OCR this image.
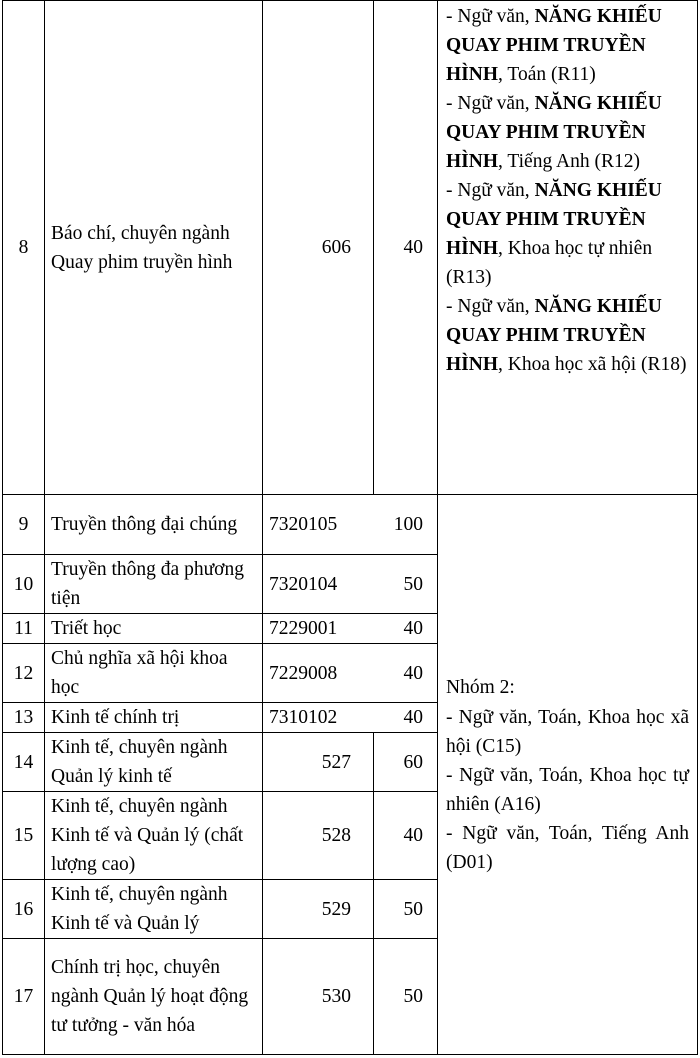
8	Báo chí, chuyên ngành Quay phim truyền hình	606	40	- Ngữ văn, NĂNG KHIẾU QUAY PHIM TRUYỀN HÌNH, Toán (R11)
- Ngữ văn, NĂNG KHIẾU QUAY PHIM TRUYỀN HÌNH, Tiếng Anh (R12)
- Ngữ văn, NĂNG KHIẾU QUAY PHIM TRUYỀN HÌNH, Khoa học tự nhiên (R13)
- Ngữ văn, NĂNG KHIẾU QUAY PHIM TRUYỀN HÌNH, Khoa học xã hội (R18)

9	Truyền thông đại chúng	7320105 100		Nhóm 2:
- Ngữ văn, Toán, Khoa học xã hội (C15)
- Ngữ văn, Toán, Khoa học tự nhiên (A16)
- Ngữ văn, Toán, Tiếng Anh (D01)

10	Truyền thông đa phương tiện	7320104 50		

11	Triết học	7229001 40		

12	Chủ nghĩa xã hội khoa học	7229008 40		

13	Kinh tế chính trị	7310102 40		

14	Kinh tế, chuyên ngành Quản lý kinh tế	527	60	
15	Kinh tế, chuyên ngành Kinh tế và Quản lý (chất lượng cao)	528	40	
16	Kinh tế, chuyên ngành Kinh tế và Quản lý	529	50	
17	Chính trị học, chuyên ngành Quản lý hoạt động tư tưởng - văn hóa	530	50	
